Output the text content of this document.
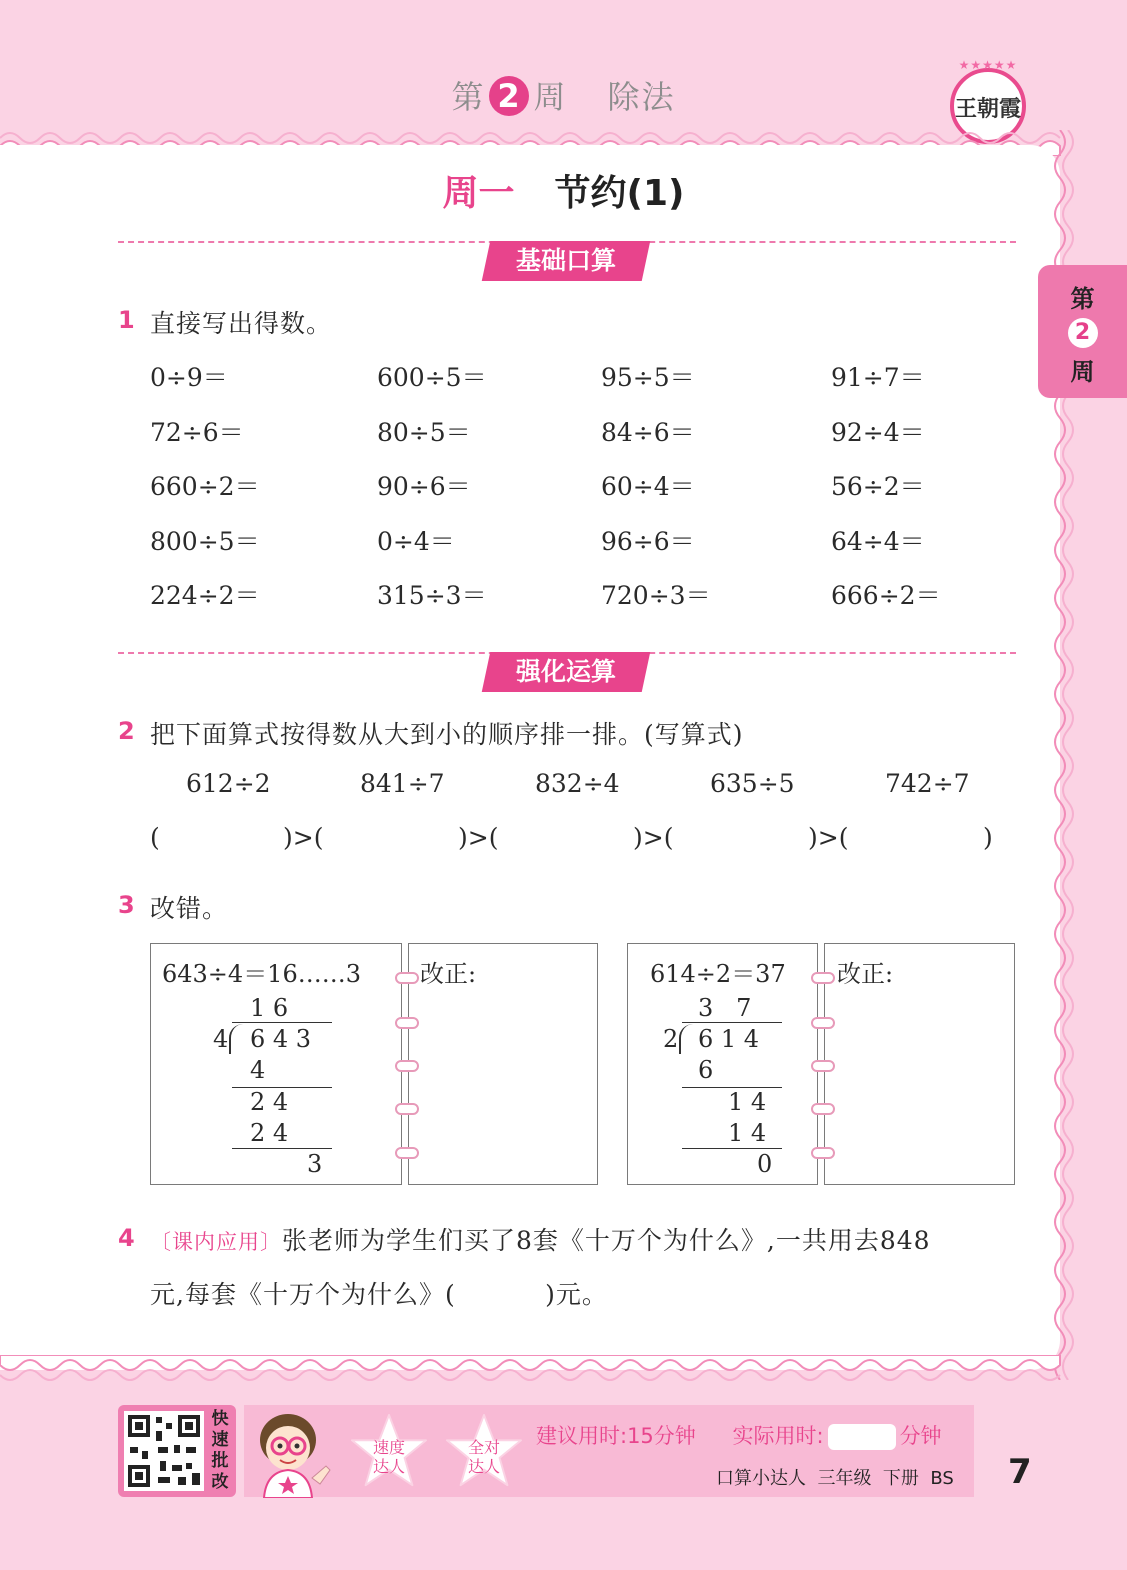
第 2 周 除法
★★★★★
王朝霞
第
2
周
周一 节约(1)
基础口算
1 直接写出得数。
0÷9＝	600÷5＝	95÷5＝	91÷7＝
72÷6＝	80÷5＝	84÷6＝	92÷4＝
660÷2＝	90÷6＝	60÷4＝	56÷2＝
800÷5＝	0÷4＝	96÷6＝	64÷4＝
224÷2＝	315÷3＝	720÷3＝	666÷2＝
强化运算
2 把下面算式按得数从大到小的顺序排一排。(写算式)
612÷2	841÷7	832÷4	635÷5	742÷7
(	)>(	)>(	)>(	)>(	)
3 改错。
643÷4＝16……3 改正:
1 6
4 6 4 3
4
2 4
2 4
3
614÷2＝37 改正:
3   7
2 6 1 4
6
1 4
1 4
0
4 〔课内应用〕张老师为学生们买了8套《十万个为什么》,一共用去848
元,每套《十万个为什么》(          )元。
快
速
批
改
速度
达人
全对
达人
建议用时:15分钟 实际用时:	分钟
口算小达人  三年级  下册  BS 7
